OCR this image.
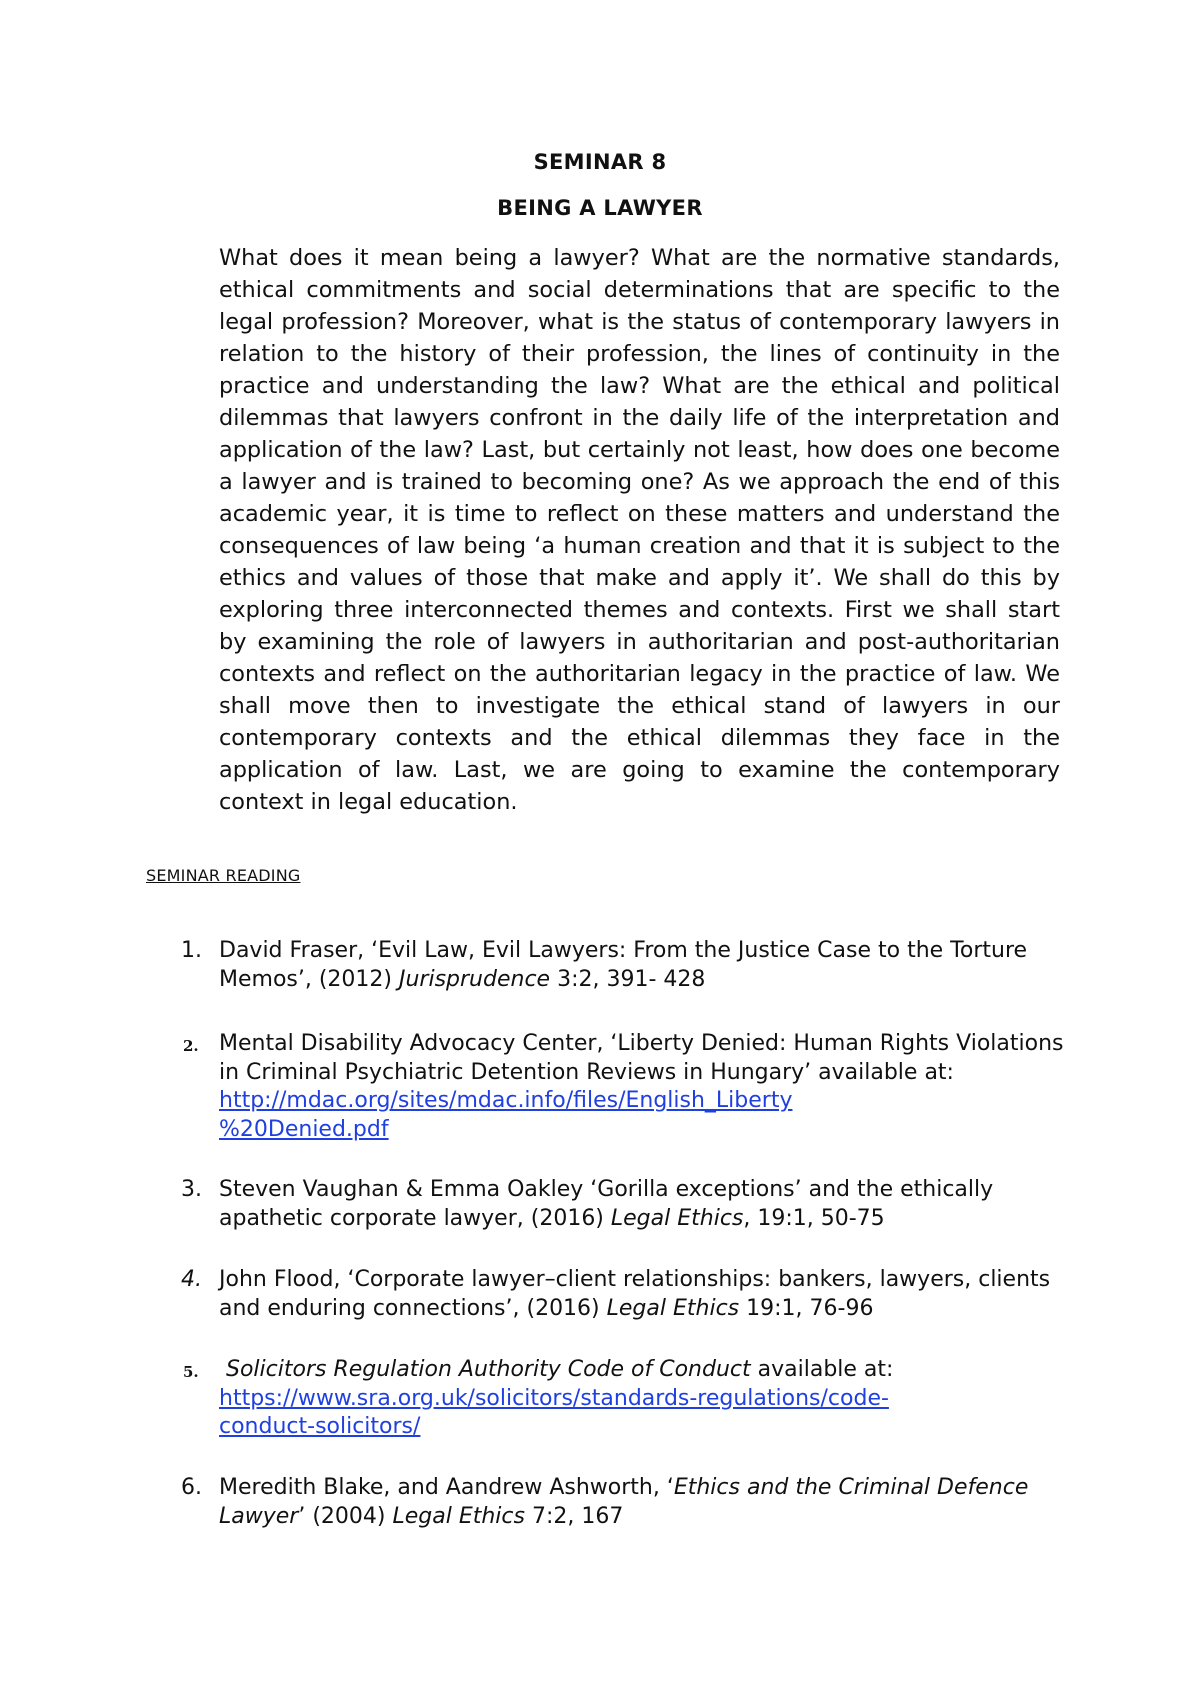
SEMINAR 8
BEING A LAWYER

What does it mean being a lawyer? What are the normative standards, ethical commitments and social determinations that are specific to the legal profession? Moreover, what is the status of contemporary lawyers in relation to the history of their profession, the lines of continuity in the practice and understanding the law? What are the ethical and political dilemmas that lawyers confront in the daily life of the interpretation and application of the law? Last, but certainly not least, how does one become a lawyer and is trained to becoming one? As we approach the end of this academic year, it is time to reflect on these matters and understand the consequences of law being ‘a human creation and that it is subject to the ethics and values of those that make and apply it’. We shall do this by exploring three interconnected themes and contexts. First we shall start by examining the role of lawyers in authoritarian and post-authoritarian contexts and reflect on the authoritarian legacy in the practice of law. We shall move then to investigate the ethical stand of lawyers in our contemporary contexts and the ethical dilemmas they face in the application of law. Last, we are going to examine the contemporary context in legal education.

SEMINAR READING
1. David Fraser, ‘Evil Law, Evil Lawyers: From the Justice Case to the Torture Memos’, (2012) Jurisprudence 3:2, 391- 428
2. Mental Disability Advocacy Center, ‘Liberty Denied: Human Rights Violations in Criminal Psychiatric Detention Reviews in Hungary’ available at: http://mdac.org/sites/mdac.info/files/English_Liberty
%20Denied.pdf
3. Steven Vaughan & Emma Oakley ‘Gorilla exceptions’ and the ethically apathetic corporate lawyer, (2016) Legal Ethics, 19:1, 50-75
4. John Flood, ‘Corporate lawyer–client relationships: bankers, lawyers, clients and enduring connections’, (2016) Legal Ethics 19:1, 76-96
5. Solicitors Regulation Authority Code of Conduct available at:
https://www.sra.org.uk/solicitors/standards-regulations/code-
conduct-solicitors/
6. Meredith Blake, and Aandrew Ashworth, ‘Ethics and the Criminal Defence Lawyer’ (2004) Legal Ethics 7:2, 167
